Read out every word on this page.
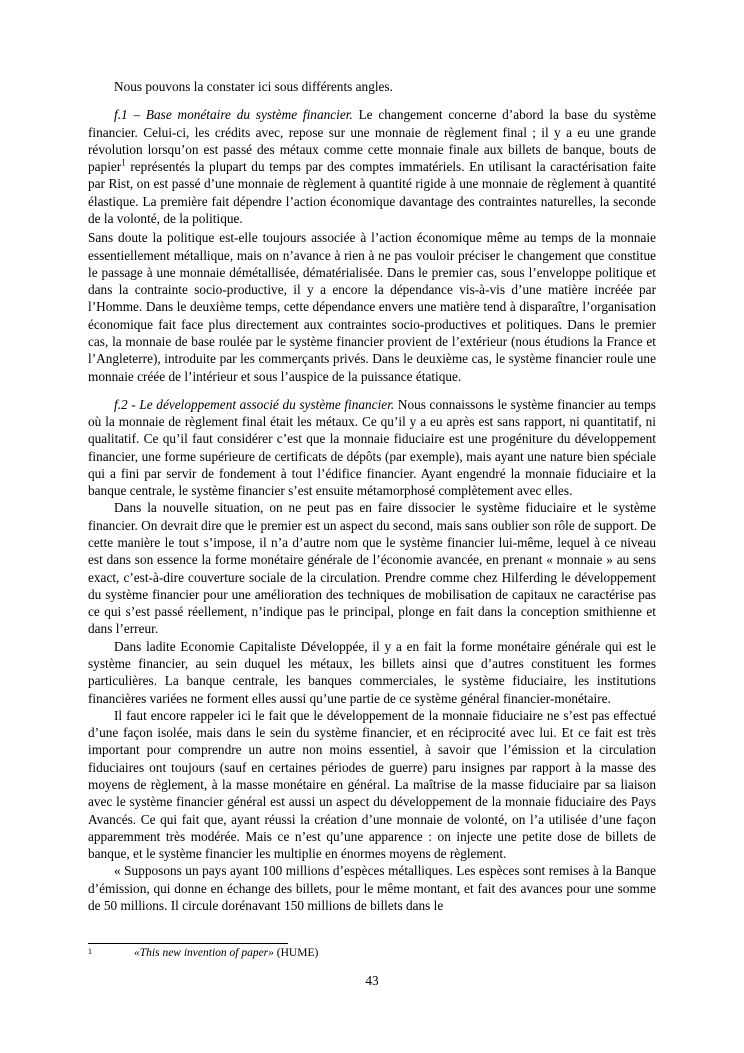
Nous pouvons la constater ici sous différents angles.

f.1 – Base monétaire du système financier. Le changement concerne d’abord la base du système financier. Celui-ci, les crédits avec, repose sur une monnaie de règlement final ; il y a eu une grande révolution lorsqu’on est passé des métaux comme cette monnaie finale aux billets de banque, bouts de papier$^1$ représentés la plupart du temps par des comptes immatériels. En utilisant la caractérisation faite par Rist, on est passé d’une monnaie de règlement à quantité rigide à une monnaie de règlement à quantité élastique. La première fait dépendre l’action économique davantage des contraintes naturelles, la seconde de la volonté, de la politique.

Sans doute la politique est-elle toujours associée à l’action économique même au temps de la monnaie essentiellement métallique, mais on n’avance à rien à ne pas vouloir préciser le changement que constitue le passage à une monnaie démétallisée, dématérialisée. Dans le premier cas, sous l’enveloppe politique et dans la contrainte socio-productive, il y a encore la dépendance vis-à-vis d’une matière incréée par l’Homme. Dans le deuxième temps, cette dépendance envers une matière tend à disparaître, l’organisation économique fait face plus directement aux contraintes socio-productives et politiques. Dans le premier cas, la monnaie de base roulée par le système financier provient de l’extérieur (nous étudions la France et l’Angleterre), introduite par les commerçants privés. Dans le deuxième cas, le système financier roule une monnaie créée de l’intérieur et sous l’auspice de la puissance étatique.

f.2 - Le développement associé du système financier. Nous connaissons le système financier au temps où la monnaie de règlement final était les métaux. Ce qu’il y a eu après est sans rapport, ni quantitatif, ni qualitatif. Ce qu’il faut considérer c’est que la monnaie fiduciaire est une progéniture du développement financier, une forme supérieure de certificats de dépôts (par exemple), mais ayant une nature bien spéciale qui a fini par servir de fondement à tout l’édifice financier. Ayant engendré la monnaie fiduciaire et la banque centrale, le système financier s’est ensuite métamorphosé complètement avec elles.

Dans la nouvelle situation, on ne peut pas en faire dissocier le système fiduciaire et le système financier. On devrait dire que le premier est un aspect du second, mais sans oublier son rôle de support. De cette manière le tout s’impose, il n’a d’autre nom que le système financier lui-même, lequel à ce niveau est dans son essence la forme monétaire générale de l’économie avancée, en prenant « monnaie » au sens exact, c’est-à-dire couverture sociale de la circulation. Prendre comme chez Hilferding le développement du système financier pour une amélioration des techniques de mobilisation de capitaux ne caractérise pas ce qui s’est passé réellement, n’indique pas le principal, plonge en fait dans la conception smithienne et dans l’erreur.

Dans ladite Economie Capitaliste Développée, il y a en fait la forme monétaire générale qui est le système financier, au sein duquel les métaux, les billets ainsi que d’autres constituent les formes particulières. La banque centrale, les banques commerciales, le système fiduciaire, les institutions financières variées ne forment elles aussi qu’une partie de ce système général financier-monétaire.

Il faut encore rappeler ici le fait que le développement de la monnaie fiduciaire ne s’est pas effectué d’une façon isolée, mais dans le sein du système financier, et en réciprocité avec lui. Et ce fait est très important pour comprendre un autre non moins essentiel, à savoir que l’émission et la circulation fiduciaires ont toujours (sauf en certaines périodes de guerre) paru insignes par rapport à la masse des moyens de règlement, à la masse monétaire en général. La maîtrise de la masse fiduciaire par sa liaison avec le système financier général est aussi un aspect du développement de la monnaie fiduciaire des Pays Avancés. Ce qui fait que, ayant réussi la création d’une monnaie de volonté, on l’a utilisée d’une façon apparemment très modérée. Mais ce n’est qu’une apparence : on injecte une petite dose de billets de banque, et le système financier les multiplie en énormes moyens de règlement.

« Supposons un pays ayant 100 millions d’espèces métalliques. Les espèces sont remises à la Banque d’émission, qui donne en échange des billets, pour le même montant, et fait des avances pour une somme de 50 millions. Il circule dorénavant 150 millions de billets dans le

1	«This new invention of paper» (HUME)
43
